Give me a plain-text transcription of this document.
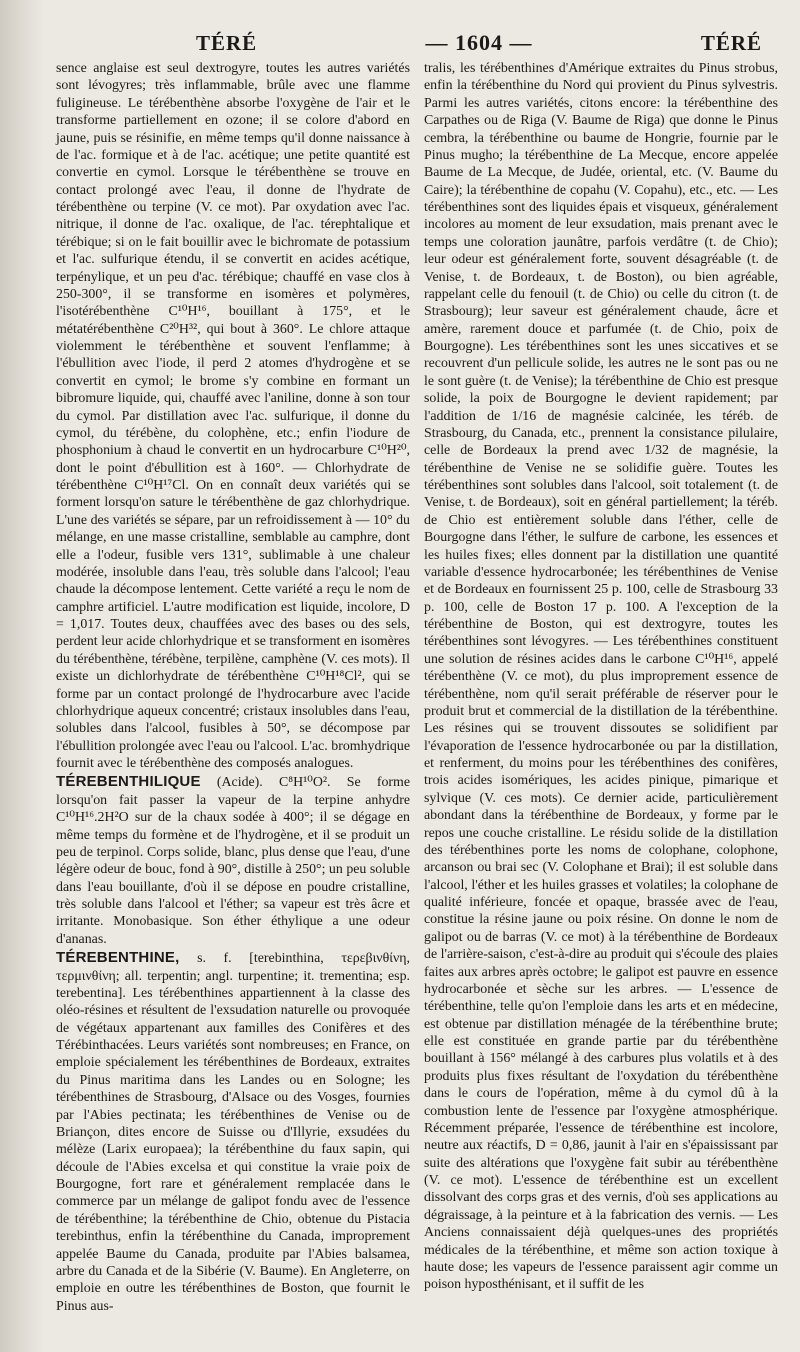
TÉRÉ	— 1604 —	TÉRÉ

sence anglaise est seul dextrogyre, toutes les autres variétés sont lévogyres; très inflammable, brûle avec une flamme fuligineuse. Le térébenthène absorbe l'oxygène de l'air et le transforme partiellement en ozone; il se colore d'abord en jaune, puis se résinifie, en même temps qu'il donne naissance à de l'ac. formique et à de l'ac. acétique; une petite quantité est convertie en cymol. Lorsque le térébenthène se trouve en contact prolongé avec l'eau, il donne de l'hydrate de térébenthène ou terpine (V. ce mot). Par oxydation avec l'ac. nitrique, il donne de l'ac. oxalique, de l'ac. térephtalique et térébique; si on le fait bouillir avec le bichromate de potassium et l'ac. sulfurique étendu, il se convertit en acides acétique, terpénylique, et un peu d'ac. térébique; chauffé en vase clos à 250-300°, il se transforme en isomères et polymères, l'isotérébenthène C¹⁰H¹⁶, bouillant à 175°, et le métatérébenthène C²⁰H³², qui bout à 360°. Le chlore attaque violemment le térébenthène et souvent l'enflamme; à l'ébullition avec l'iode, il perd 2 atomes d'hydrogène et se convertit en cymol; le brome s'y combine en formant un bibromure liquide, qui, chauffé avec l'aniline, donne à son tour du cymol. Par distillation avec l'ac. sulfurique, il donne du cymol, du térébène, du colophène, etc.; enfin l'iodure de phosphonium à chaud le convertit en un hydrocarbure C¹⁰H²⁰, dont le point d'ébullition est à 160°. — Chlorhydrate de térébenthène C¹⁰H¹⁷Cl. On en connaît deux variétés qui se forment lorsqu'on sature le térébenthène de gaz chlorhydrique. L'une des variétés se sépare, par un refroidissement à — 10° du mélange, en une masse cristalline, semblable au camphre, dont elle a l'odeur, fusible vers 131°, sublimable à une chaleur modérée, insoluble dans l'eau, très soluble dans l'alcool; l'eau chaude la décompose lentement. Cette variété a reçu le nom de camphre artificiel. L'autre modification est liquide, incolore, D = 1,017. Toutes deux, chauffées avec des bases ou des sels, perdent leur acide chlorhydrique et se transforment en isomères du térébenthène, térébène, terpilène, camphène (V. ces mots). Il existe un dichlorhydrate de térébenthène C¹⁰H¹⁸Cl², qui se forme par un contact prolongé de l'hydrocarbure avec l'acide chlorhydrique aqueux concentré; cristaux insolubles dans l'eau, solubles dans l'alcool, fusibles à 50°, se décompose par l'ébullition prolongée avec l'eau ou l'alcool. L'ac. bromhydrique fournit avec le térébenthène des composés analogues.

TÉREBENTHILIQUE (Acide). C⁸H¹⁰O². Se forme lorsqu'on fait passer la vapeur de la terpine anhydre C¹⁰H¹⁶.2H²O sur de la chaux sodée à 400°; il se dégage en même temps du formène et de l'hydrogène, et il se produit un peu de terpinol. Corps solide, blanc, plus dense que l'eau, d'une légère odeur de bouc, fond à 90°, distille à 250°; un peu soluble dans l'eau bouillante, d'où il se dépose en poudre cristalline, très soluble dans l'alcool et l'éther; sa vapeur est très âcre et irritante. Monobasique. Son éther éthylique a une odeur d'ananas.

TÉREBENTHINE, s. f. [terebinthina, τερεβινθίνη, τερμινθίνη; all. terpentin; angl. turpentine; it. trementina; esp. terebentina]. Les térébenthines appartiennent à la classe des oléo-résines et résultent de l'exsudation naturelle ou provoquée de végétaux appartenant aux familles des Conifères et des Térébinthacées. Leurs variétés sont nombreuses; en France, on emploie spécialement les térébenthines de Bordeaux, extraites du Pinus maritima dans les Landes ou en Sologne; les térébenthines de Strasbourg, d'Alsace ou des Vosges, fournies par l'Abies pectinata; les térébenthines de Venise ou de Briançon, dites encore de Suisse ou d'Illyrie, exsudées du mélèze (Larix europaea); la térébenthine du faux sapin, qui découle de l'Abies excelsa et qui constitue la vraie poix de Bourgogne, fort rare et généralement remplacée dans le commerce par un mélange de galipot fondu avec de l'essence de térébenthine; la térébenthine de Chio, obtenue du Pistacia terebinthus, enfin la térébenthine du Canada, improprement appelée Baume du Canada, produite par l'Abies balsamea, arbre du Canada et de la Sibérie (V. Baume). En Angleterre, on emploie en outre les térébenthines de Boston, que fournit le Pinus aus-

tralis, les térébenthines d'Amérique extraites du Pinus strobus, enfin la térébenthine du Nord qui provient du Pinus sylvestris. Parmi les autres variétés, citons encore: la térébenthine des Carpathes ou de Riga (V. Baume de Riga) que donne le Pinus cembra, la térébenthine ou baume de Hongrie, fournie par le Pinus mugho; la térébenthine de La Mecque, encore appelée Baume de La Mecque, de Judée, oriental, etc. (V. Baume du Caire); la térébenthine de copahu (V. Copahu), etc., etc. — Les térébenthines sont des liquides épais et visqueux, généralement incolores au moment de leur exsudation, mais prenant avec le temps une coloration jaunâtre, parfois verdâtre (t. de Chio); leur odeur est généralement forte, souvent désagréable (t. de Venise, t. de Bordeaux, t. de Boston), ou bien agréable, rappelant celle du fenouil (t. de Chio) ou celle du citron (t. de Strasbourg); leur saveur est généralement chaude, âcre et amère, rarement douce et parfumée (t. de Chio, poix de Bourgogne). Les térébenthines sont les unes siccatives et se recouvrent d'un pellicule solide, les autres ne le sont pas ou ne le sont guère (t. de Venise); la térébenthine de Chio est presque solide, la poix de Bourgogne le devient rapidement; par l'addition de 1/16 de magnésie calcinée, les téréb. de Strasbourg, du Canada, etc., prennent la consistance pilulaire, celle de Bordeaux la prend avec 1/32 de magnésie, la térébenthine de Venise ne se solidifie guère. Toutes les térébenthines sont solubles dans l'alcool, soit totalement (t. de Venise, t. de Bordeaux), soit en général partiellement; la téréb. de Chio est entièrement soluble dans l'éther, celle de Bourgogne dans l'éther, le sulfure de carbone, les essences et les huiles fixes; elles donnent par la distillation une quantité variable d'essence hydrocarbonée; les térébenthines de Venise et de Bordeaux en fournissent 25 p. 100, celle de Strasbourg 33 p. 100, celle de Boston 17 p. 100. A l'exception de la térébenthine de Boston, qui est dextrogyre, toutes les térébenthines sont lévogyres. — Les térébenthines constituent une solution de résines acides dans le carbone C¹⁰H¹⁶, appelé térébenthène (V. ce mot), du plus improprement essence de térébenthène, nom qu'il serait préférable de réserver pour le produit brut et commercial de la distillation de la térébenthine. Les résines qui se trouvent dissoutes se solidifient par l'évaporation de l'essence hydrocarbonée ou par la distillation, et renferment, du moins pour les térébenthines des conifères, trois acides isomériques, les acides pinique, pimarique et sylvique (V. ces mots). Ce dernier acide, particulièrement abondant dans la térébenthine de Bordeaux, y forme par le repos une couche cristalline. Le résidu solide de la distillation des térébenthines porte les noms de colophane, colophone, arcanson ou brai sec (V. Colophane et Brai); il est soluble dans l'alcool, l'éther et les huiles grasses et volatiles; la colophane de qualité inférieure, foncée et opaque, brassée avec de l'eau, constitue la résine jaune ou poix résine. On donne le nom de galipot ou de barras (V. ce mot) à la térébenthine de Bordeaux de l'arrière-saison, c'est-à-dire au produit qui s'écoule des plaies faites aux arbres après octobre; le galipot est pauvre en essence hydrocarbonée et sèche sur les arbres. — L'essence de térébenthine, telle qu'on l'emploie dans les arts et en médecine, est obtenue par distillation ménagée de la térébenthine brute; elle est constituée en grande partie par du térébenthène bouillant à 156° mélangé à des carbures plus volatils et à des produits plus fixes résultant de l'oxydation du térébenthène dans le cours de l'opération, même à du cymol dû à la combustion lente de l'essence par l'oxygène atmosphérique. Récemment préparée, l'essence de térébenthine est incolore, neutre aux réactifs, D = 0,86, jaunit à l'air en s'épaississant par suite des altérations que l'oxygène fait subir au térébenthène (V. ce mot). L'essence de térébenthine est un excellent dissolvant des corps gras et des vernis, d'où ses applications au dégraissage, à la peinture et à la fabrication des vernis. — Les Anciens connaissaient déjà quelques-unes des propriétés médicales de la térébenthine, et même son action toxique à haute dose; les vapeurs de l'essence paraissent agir comme un poison hyposthénisant, et il suffit de les
